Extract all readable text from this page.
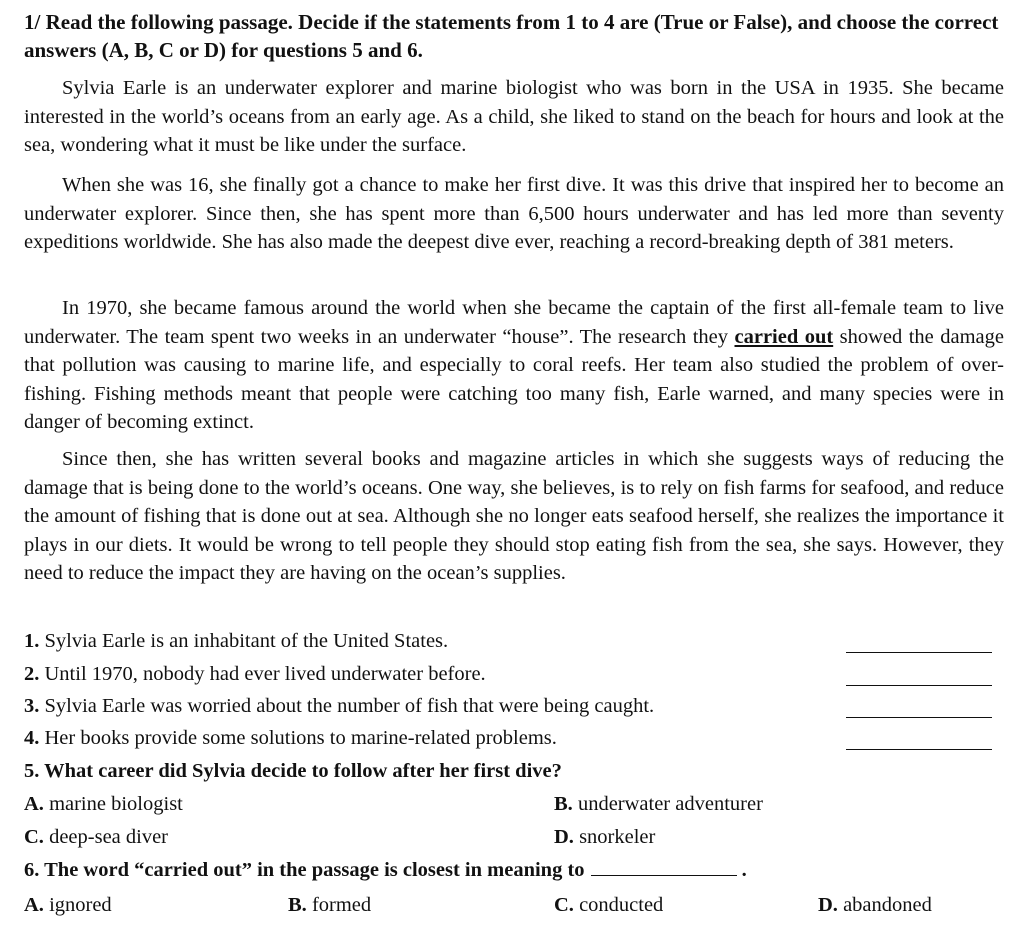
1/ Read the following passage. Decide if the statements from 1 to 4 are (True or False), and choose the correct answers (A, B, C or D) for questions 5 and 6.
Sylvia Earle is an underwater explorer and marine biologist who was born in the USA in 1935. She became interested in the world’s oceans from an early age. As a child, she liked to stand on the beach for hours and look at the sea, wondering what it must be like under the surface.
When she was 16, she finally got a chance to make her first dive. It was this drive that inspired her to become an underwater explorer. Since then, she has spent more than 6,500 hours underwater and has led more than seventy expeditions worldwide. She has also made the deepest dive ever, reaching a record-breaking depth of 381 meters.
In 1970, she became famous around the world when she became the captain of the first all-female team to live underwater. The team spent two weeks in an underwater “house”. The research they carried out showed the damage that pollution was causing to marine life, and especially to coral reefs. Her team also studied the problem of over-fishing. Fishing methods meant that people were catching too many fish, Earle warned, and many species were in danger of becoming extinct.
Since then, she has written several books and magazine articles in which she suggests ways of reducing the damage that is being done to the world’s oceans. One way, she believes, is to rely on fish farms for seafood, and reduce the amount of fishing that is done out at sea. Although she no longer eats seafood herself, she realizes the importance it plays in our diets. It would be wrong to tell people they should stop eating fish from the sea, she says. However, they need to reduce the impact they are having on the ocean’s supplies.
1. Sylvia Earle is an inhabitant of the United States.
2. Until 1970, nobody had ever lived underwater before.
3. Sylvia Earle was worried about the number of fish that were being caught.
4. Her books provide some solutions to marine-related problems.
5. What career did Sylvia decide to follow after her first dive?
A. marine biologist	B. underwater adventurer
C. deep-sea diver	D. snorkeler
6. The word “carried out” in the passage is closest in meaning to	.
A. ignored	B. formed	C. conducted	D. abandoned
